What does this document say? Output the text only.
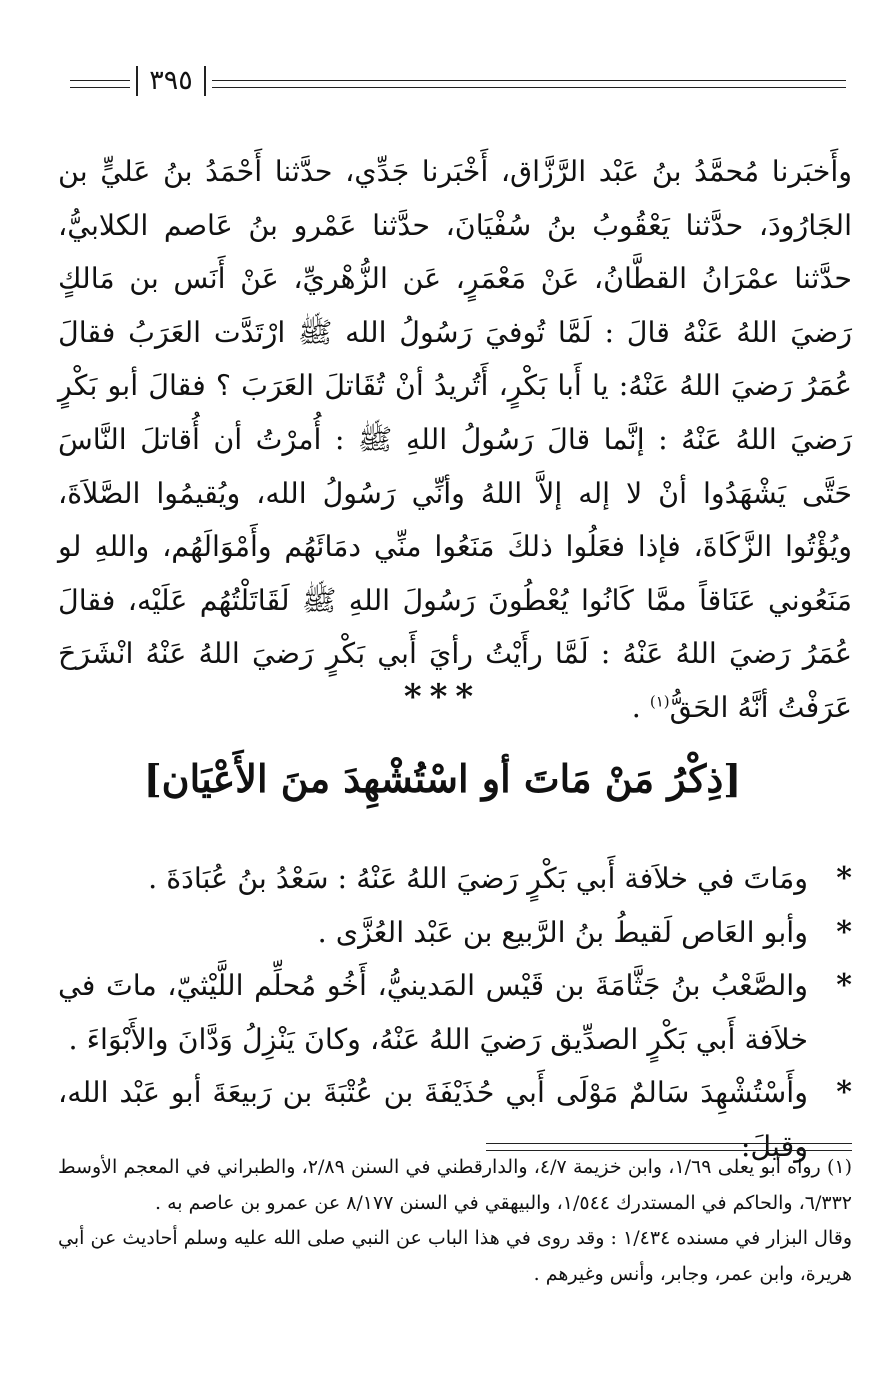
٣٩٥

وأَخبَرنا مُحمَّدُ بنُ عَبْد الرَّزَّاق، أَخْبَرنا جَدِّي، حدَّثنا أَحْمَدُ بنُ عَليٍّ بن الجَارُودَ، حدَّثنا يَعْقُوبُ بنُ سُفْيَانَ، حدَّثنا عَمْرو بنُ عَاصم الكلابيُّ، حدَّثنا عمْرَانُ القطَّانُ، عَنْ مَعْمَرٍ، عَن الزُّهْريِّ، عَنْ أَنَس بن مَالكٍ رَضيَ اللهُ عَنْهُ قالَ : لَمَّا تُوفيَ رَسُولُ الله ﷺ ارْتَدَّت العَرَبُ فقالَ عُمَرُ رَضيَ اللهُ عَنْهُ: يا أَبا بَكْرٍ، أَتُريدُ أنْ تُقَاتلَ العَرَبَ ؟ فقالَ أبو بَكْرٍ رَضيَ اللهُ عَنْهُ : إنَّما قالَ رَسُولُ اللهِ ﷺ : أُمرْتُ أن أُقاتلَ النَّاسَ حَتَّى يَشْهَدُوا أنْ لا إله إلاَّ اللهُ وأنِّي رَسُولُ الله، ويُقيمُوا الصَّلاَةَ، ويُؤْتُوا الزَّكَاةَ، فإذا فعَلُوا ذلكَ مَنَعُوا منِّي دمَائَهُم وأَمْوَالَهُم، واللهِ لو مَنَعُوني عَنَاقاً ممَّا كَانُوا يُعْطُونَ رَسُولَ اللهِ ﷺ لَقَاتَلْتُهُم عَلَيْه، فقالَ عُمَرُ رَضيَ اللهُ عَنْهُ : لَمَّا رأَيْتُ رأيَ أَبي بَكْرٍ رَضيَ اللهُ عَنْهُ انْشَرَحَ عَرَفْتُ أنَّهُ الحَقُّ$^{(١)}$ .

***
[ذِكْرُ مَنْ مَاتَ أو اسْتُشْهِدَ منَ الأَعْيَان]
*
ومَاتَ في خلاَفة أَبي بَكْرٍ رَضيَ اللهُ عَنْهُ : سَعْدُ بنُ عُبَادَةَ .
*
وأبو العَاص لَقيطُ بنُ الرَّبيع بن عَبْد العُزَّى .
*
والصَّعْبُ بنُ جَثَّامَةَ بن قَيْس المَدينيُّ، أَخُو مُحلِّم اللَّيْثيّ، ماتَ في خلاَفة أَبي بَكْرٍ الصدِّيق رَضيَ اللهُ عَنْهُ، وكانَ يَنْزِلُ وَدَّانَ والأَبْوَاءَ .
*
وأَسْتُشْهِدَ سَالمٌ مَوْلَى أَبي حُذَيْفَةَ بن عُتْبَةَ بن رَبيعَةَ أبو عَبْد الله، وقيلَ:

(١) رواه أبو يعلى ١/٦٩، وابن خزيمة ٤/٧، والدارقطني في السنن ٢/٨٩، والطبراني في المعجم الأوسط ٦/٣٣٢، والحاكم في المستدرك ١/٥٤٤، والبيهقي في السنن ٨/١٧٧ عن عمرو بن عاصم به .

وقال البزار في مسنده ١/٤٣٤ : وقد روى في هذا الباب عن النبي صلى الله عليه وسلم أحاديث عن أبي هريرة، وابن عمر، وجابر، وأنس وغيرهم .
